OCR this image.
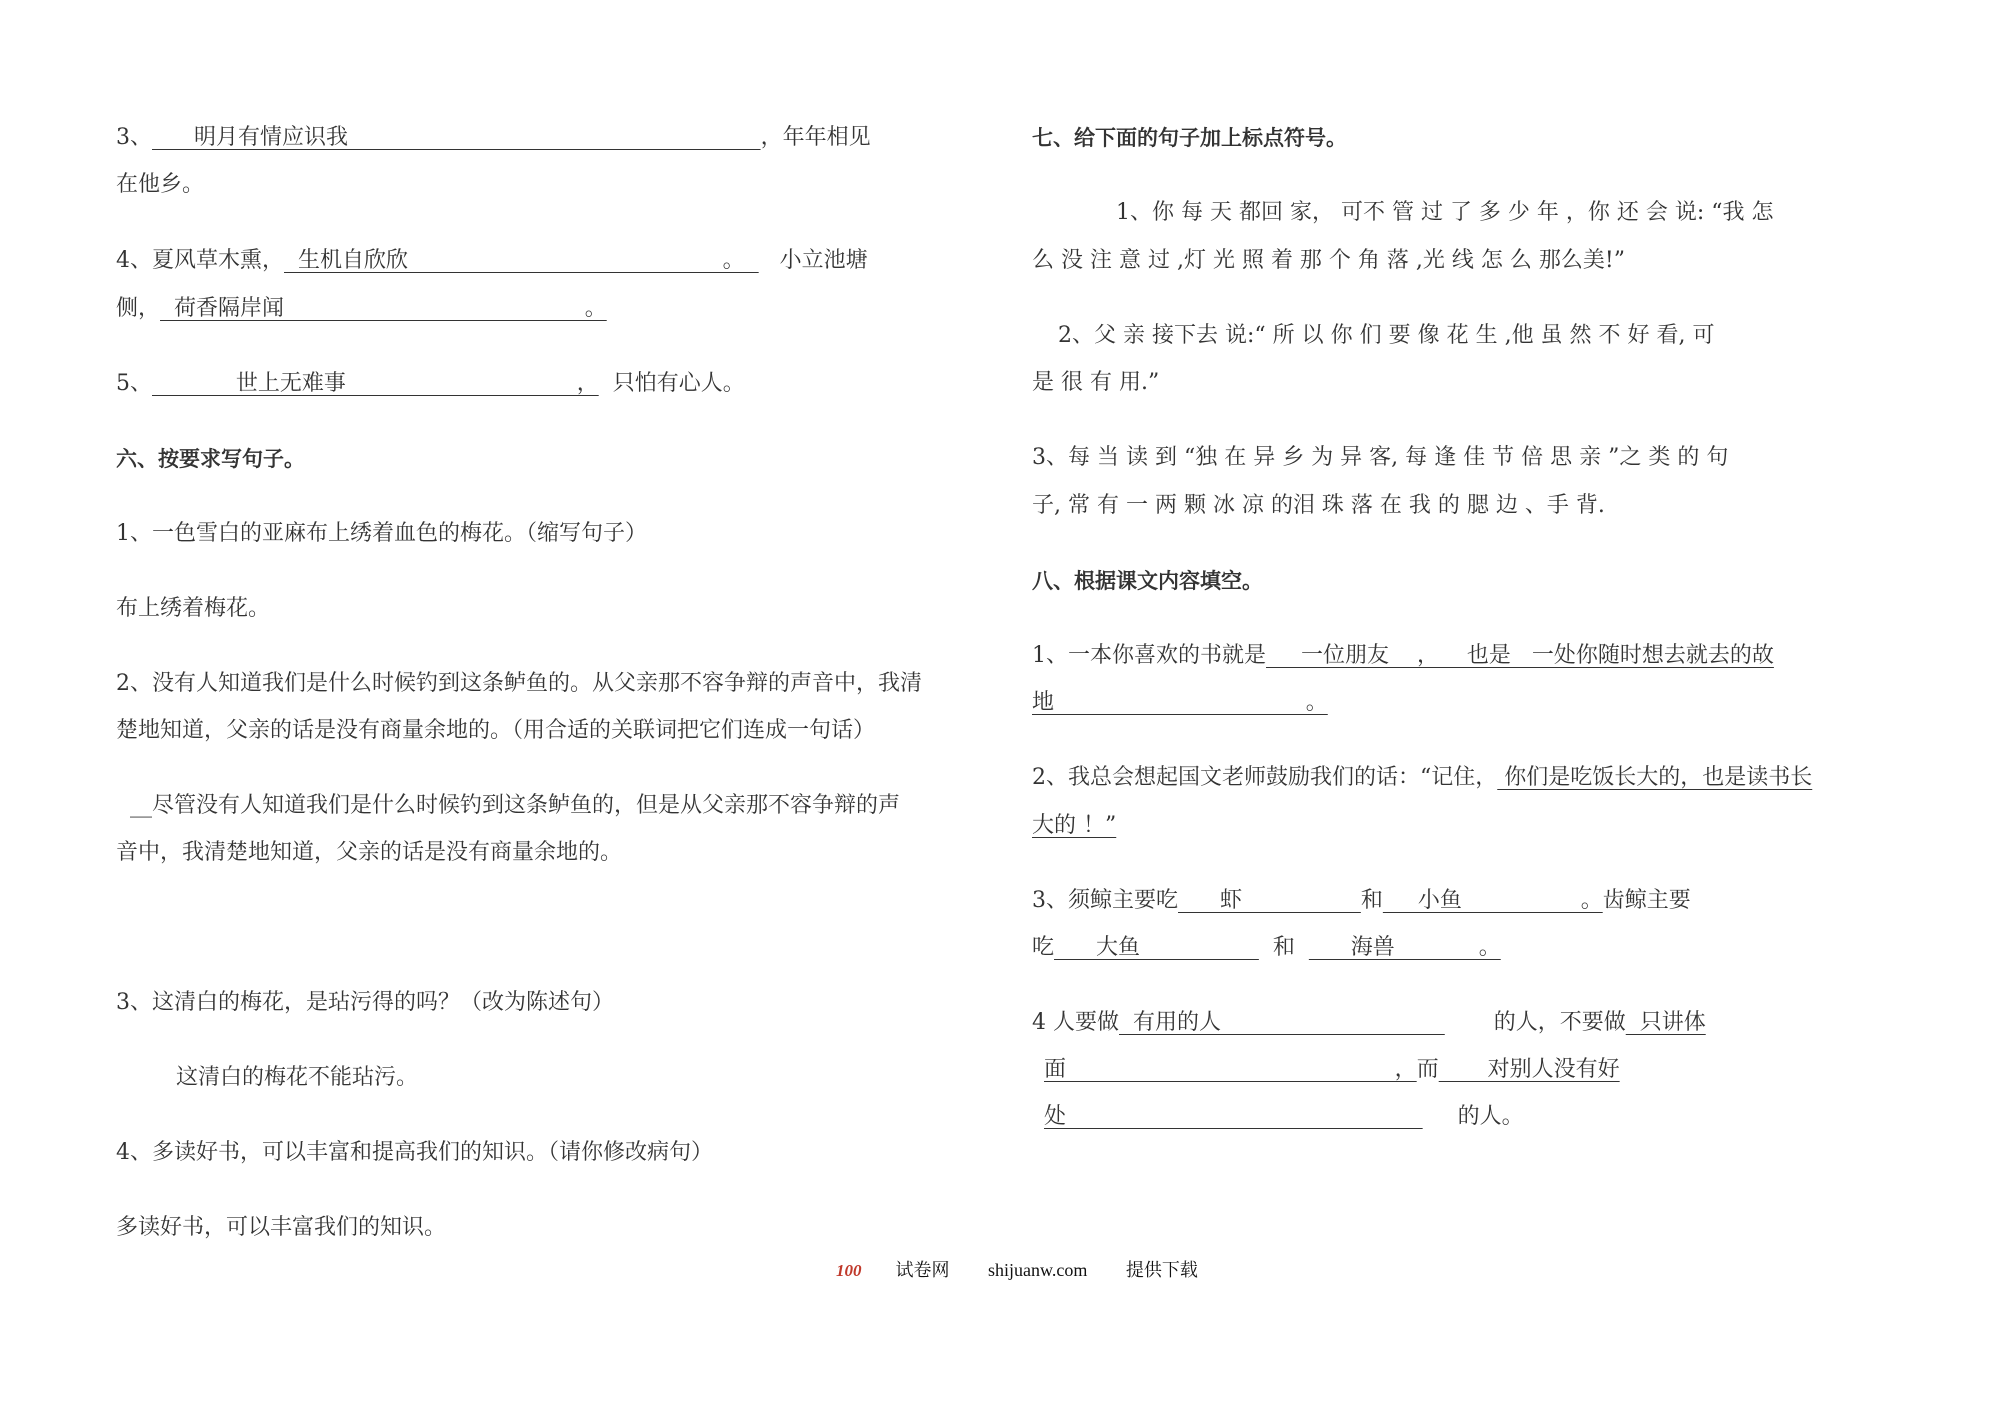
3、      明月有情应识我                                                           ，年年相见
在他乡。
4、夏风草木熏，  生机自欣欣                                             。     小立池塘
侧，  荷香隔岸闻                                           。
5、            世上无难事                                 ，  只怕有心人。
六、按要求写句子。
1、一色雪白的亚麻布上绣着血色的梅花。（缩写句子）
布上绣着梅花。
2、没有人知道我们是什么时候钓到这条鲈鱼的。从父亲那不容争辩的声音中，我清
楚地知道，父亲的话是没有商量余地的。（用合适的关联词把它们连成一句话）
__尽管没有人知道我们是什么时候钓到这条鲈鱼的，但是从父亲那不容争辩的声
音中，我清楚地知道，父亲的话是没有商量余地的。
3、这清白的梅花，是玷污得的吗？（改为陈述句）
这清白的梅花不能玷污。
4、多读好书，可以丰富和提高我们的知识。（请你修改病句）
多读好书，可以丰富我们的知识。
七、给下面的句子加上标点符号。
1、你 每 天 都回 家， 可不 管 过 了 多 少 年 ，你 还 会 说: “我 怎
么 没 注 意 过 ,灯 光 照 着 那 个 角 落 ,光 线 怎 么 那么美!”
2、父 亲 接下去 说:“ 所 以 你 们 要 像 花 生 ,他 虽 然 不 好 看, 可
是 很 有 用.”
3、每 当 读 到 “独 在 异 乡 为 异 客, 每 逢 佳 节 倍 思 亲 ”之 类 的 句
子, 常 有 一 两 颗 冰 凉 的泪 珠 落 在 我 的 腮 边 、手 背.
八、根据课文内容填空。
1、一本你喜欢的书就是     一位朋友    ，    也是   一处你随时想去就去的故
地                                    。
2、我总会想起国文老师鼓励我们的话：“记住， 你们是吃饭长大的，也是读书长
大的 ！”
3、须鲸主要吃      虾                 和     小鱼                 。齿鲸主要
吃      大鱼                   和        海兽            。
4 人要做  有用的人                                       的人，不要做  只讲体
面                                               ，而       对别人没有好
处                                                        的人。
100 试卷网 shijuanw.com 提供下载
